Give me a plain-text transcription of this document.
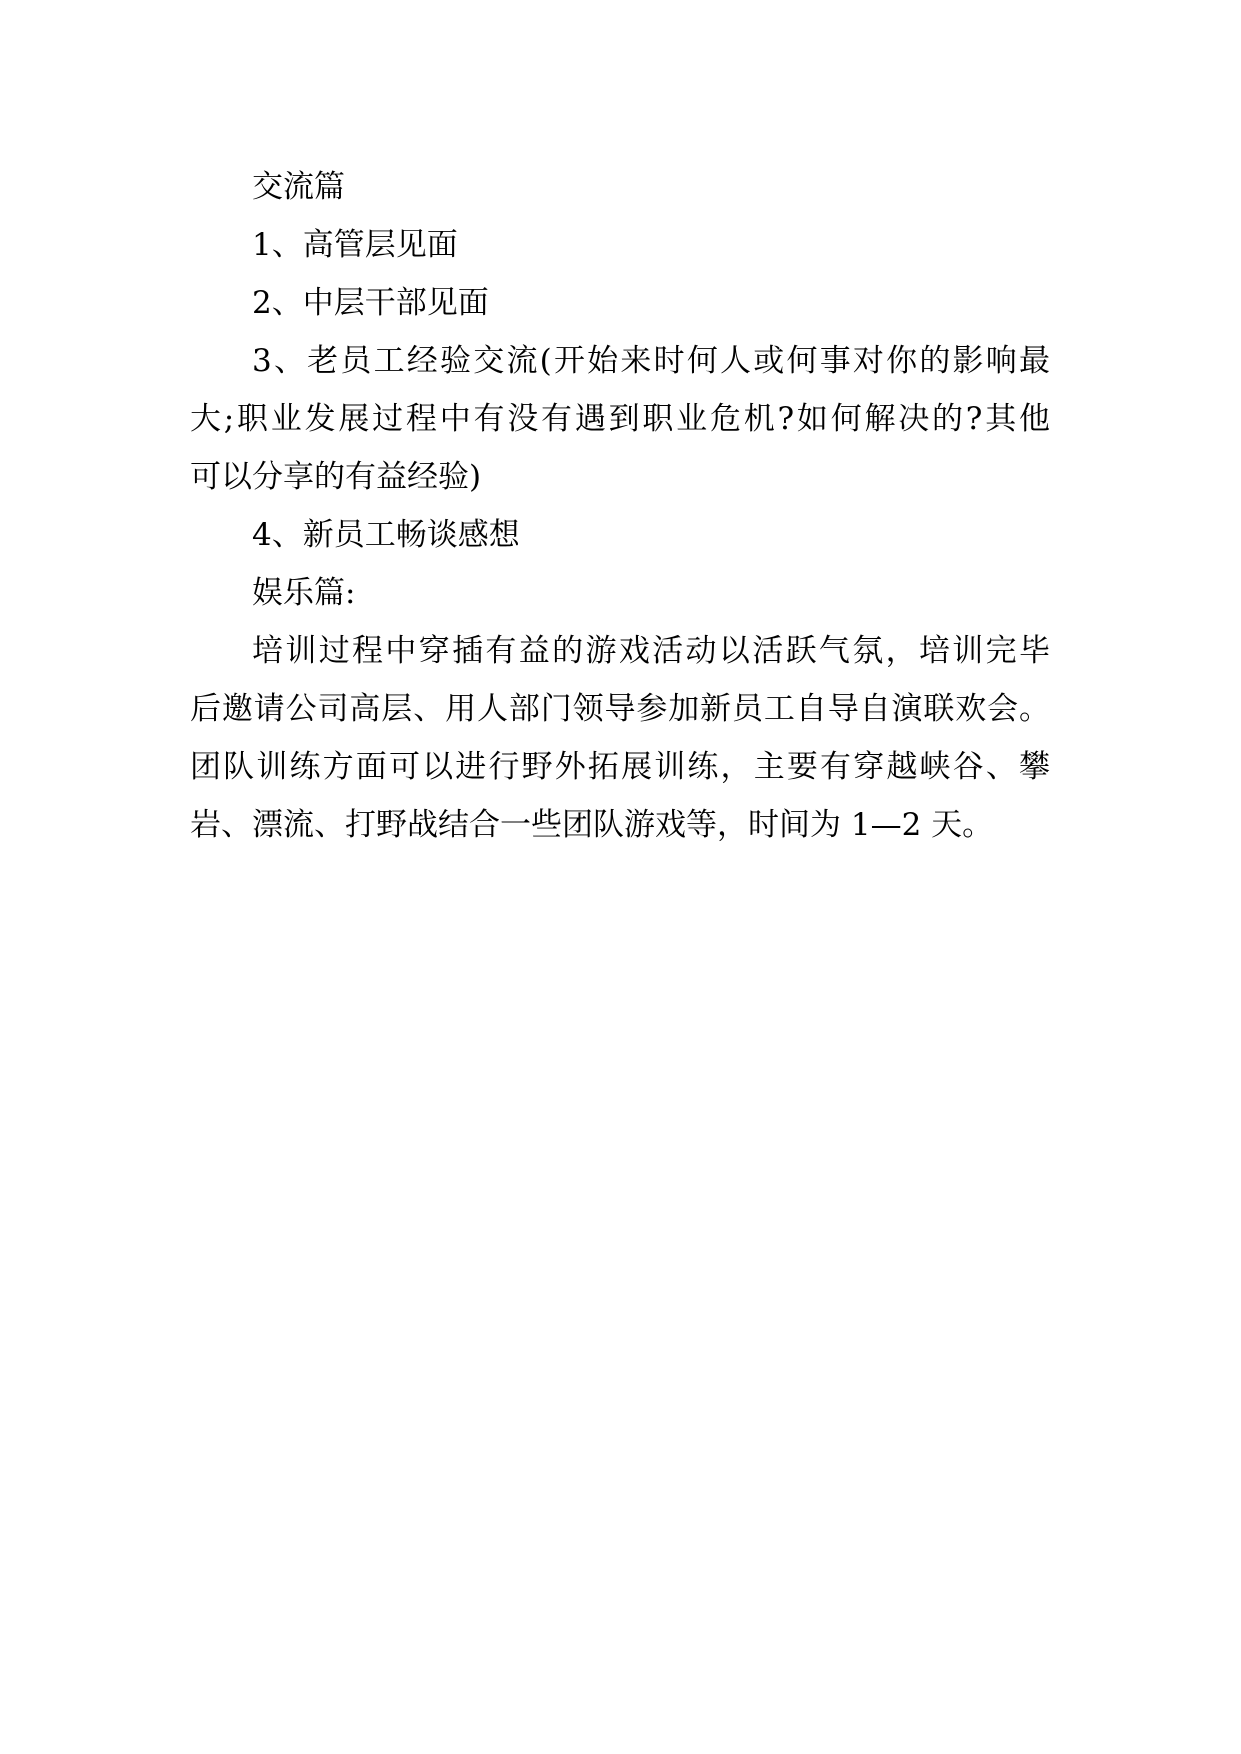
交流篇

1、高管层见面

2、中层干部见面

3、老员工经验交流(开始来时何人或何事对你的影响最
大;职业发展过程中有没有遇到职业危机?如何解决的?其他
可以分享的有益经验)

4、新员工畅谈感想

娱乐篇:

培训过程中穿插有益的游戏活动以活跃气氛，培训完毕
后邀请公司高层、用人部门领导参加新员工自导自演联欢会。
团队训练方面可以进行野外拓展训练，主要有穿越峡谷、攀
岩、漂流、打野战结合一些团队游戏等，时间为 1—2 天。
